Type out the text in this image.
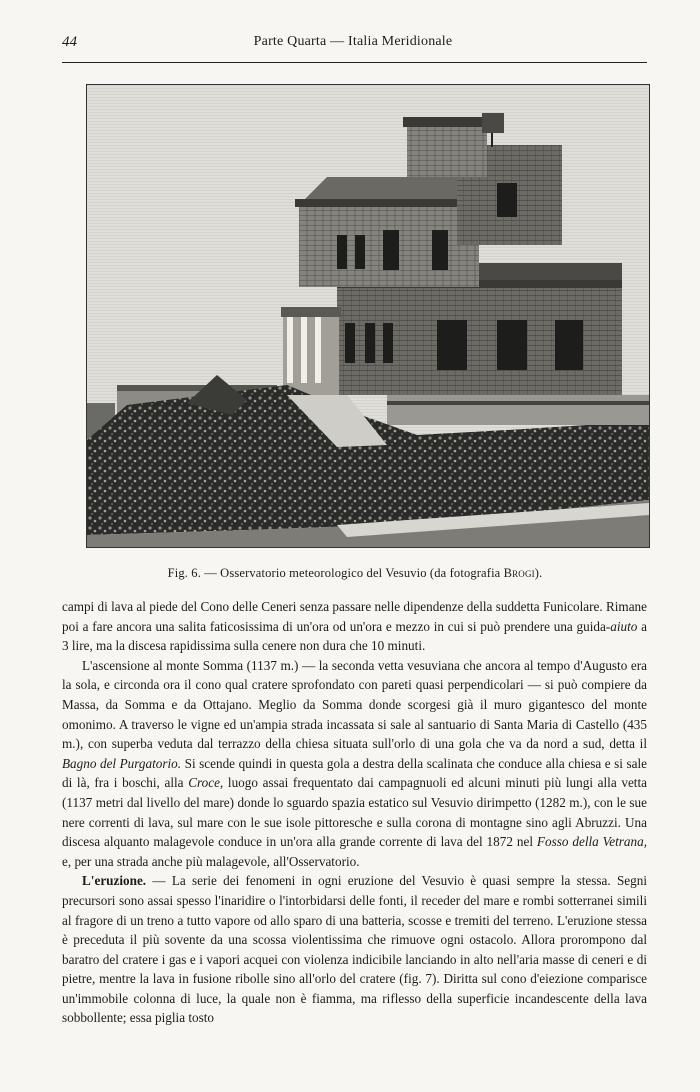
44	Parte Quarta — Italia Meridionale
Fig. 6. — Osservatorio meteorologico del Vesuvio (da fotografia Brogi).

campi di lava al piede del Cono delle Ceneri senza passare nelle dipendenze della suddetta Funicolare. Rimane poi a fare ancora una salita faticosissima di un'ora od un'ora e mezzo in cui si può prendere una guida-aiuto a 3 lire, ma la discesa rapidissima sulla cenere non dura che 10 minuti.

L'ascensione al monte Somma (1137 m.) — la seconda vetta vesuviana che ancora al tempo d'Augusto era la sola, e circonda ora il cono qual cratere sprofondato con pareti quasi perpendicolari — si può compiere da Massa, da Somma e da Ottajano. Meglio da Somma donde scorgesi già il muro gigantesco del monte omonimo. A traverso le vigne ed un'ampia strada incassata si sale al santuario di Santa Maria di Castello (435 m.), con superba veduta dal terrazzo della chiesa situata sull'orlo di una gola che va da nord a sud, detta il Bagno del Purgatorio. Si scende quindi in questa gola a destra della scalinata che conduce alla chiesa e si sale di là, fra i boschi, alla Croce, luogo assai frequentato dai campagnuoli ed alcuni minuti più lungi alla vetta (1137 metri dal livello del mare) donde lo sguardo spazia estatico sul Vesuvio dirimpetto (1282 m.), con le sue nere correnti di lava, sul mare con le sue isole pittoresche e sulla corona di montagne sino agli Abruzzi. Una discesa alquanto malagevole conduce in un'ora alla grande corrente di lava del 1872 nel Fosso della Vetrana, e, per una strada anche più malagevole, all'Osservatorio.

L'eruzione. — La serie dei fenomeni in ogni eruzione del Vesuvio è quasi sempre la stessa. Segni precursori sono assai spesso l'inaridire o l'intorbidarsi delle fonti, il receder del mare e rombi sotterranei simili al fragore di un treno a tutto vapore od allo sparo di una batteria, scosse e tremiti del terreno. L'eruzione stessa è preceduta il più sovente da una scossa violentissima che rimuove ogni ostacolo. Allora prorompono dal baratro del cratere i gas e i vapori acquei con violenza indicibile lanciando in alto nell'aria masse di ceneri e di pietre, mentre la lava in fusione ribolle sino all'orlo del cratere (fig. 7). Diritta sul cono d'eiezione comparisce un'immobile colonna di luce, la quale non è fiamma, ma riflesso della superficie incandescente della lava sobbollente; essa piglia tosto
